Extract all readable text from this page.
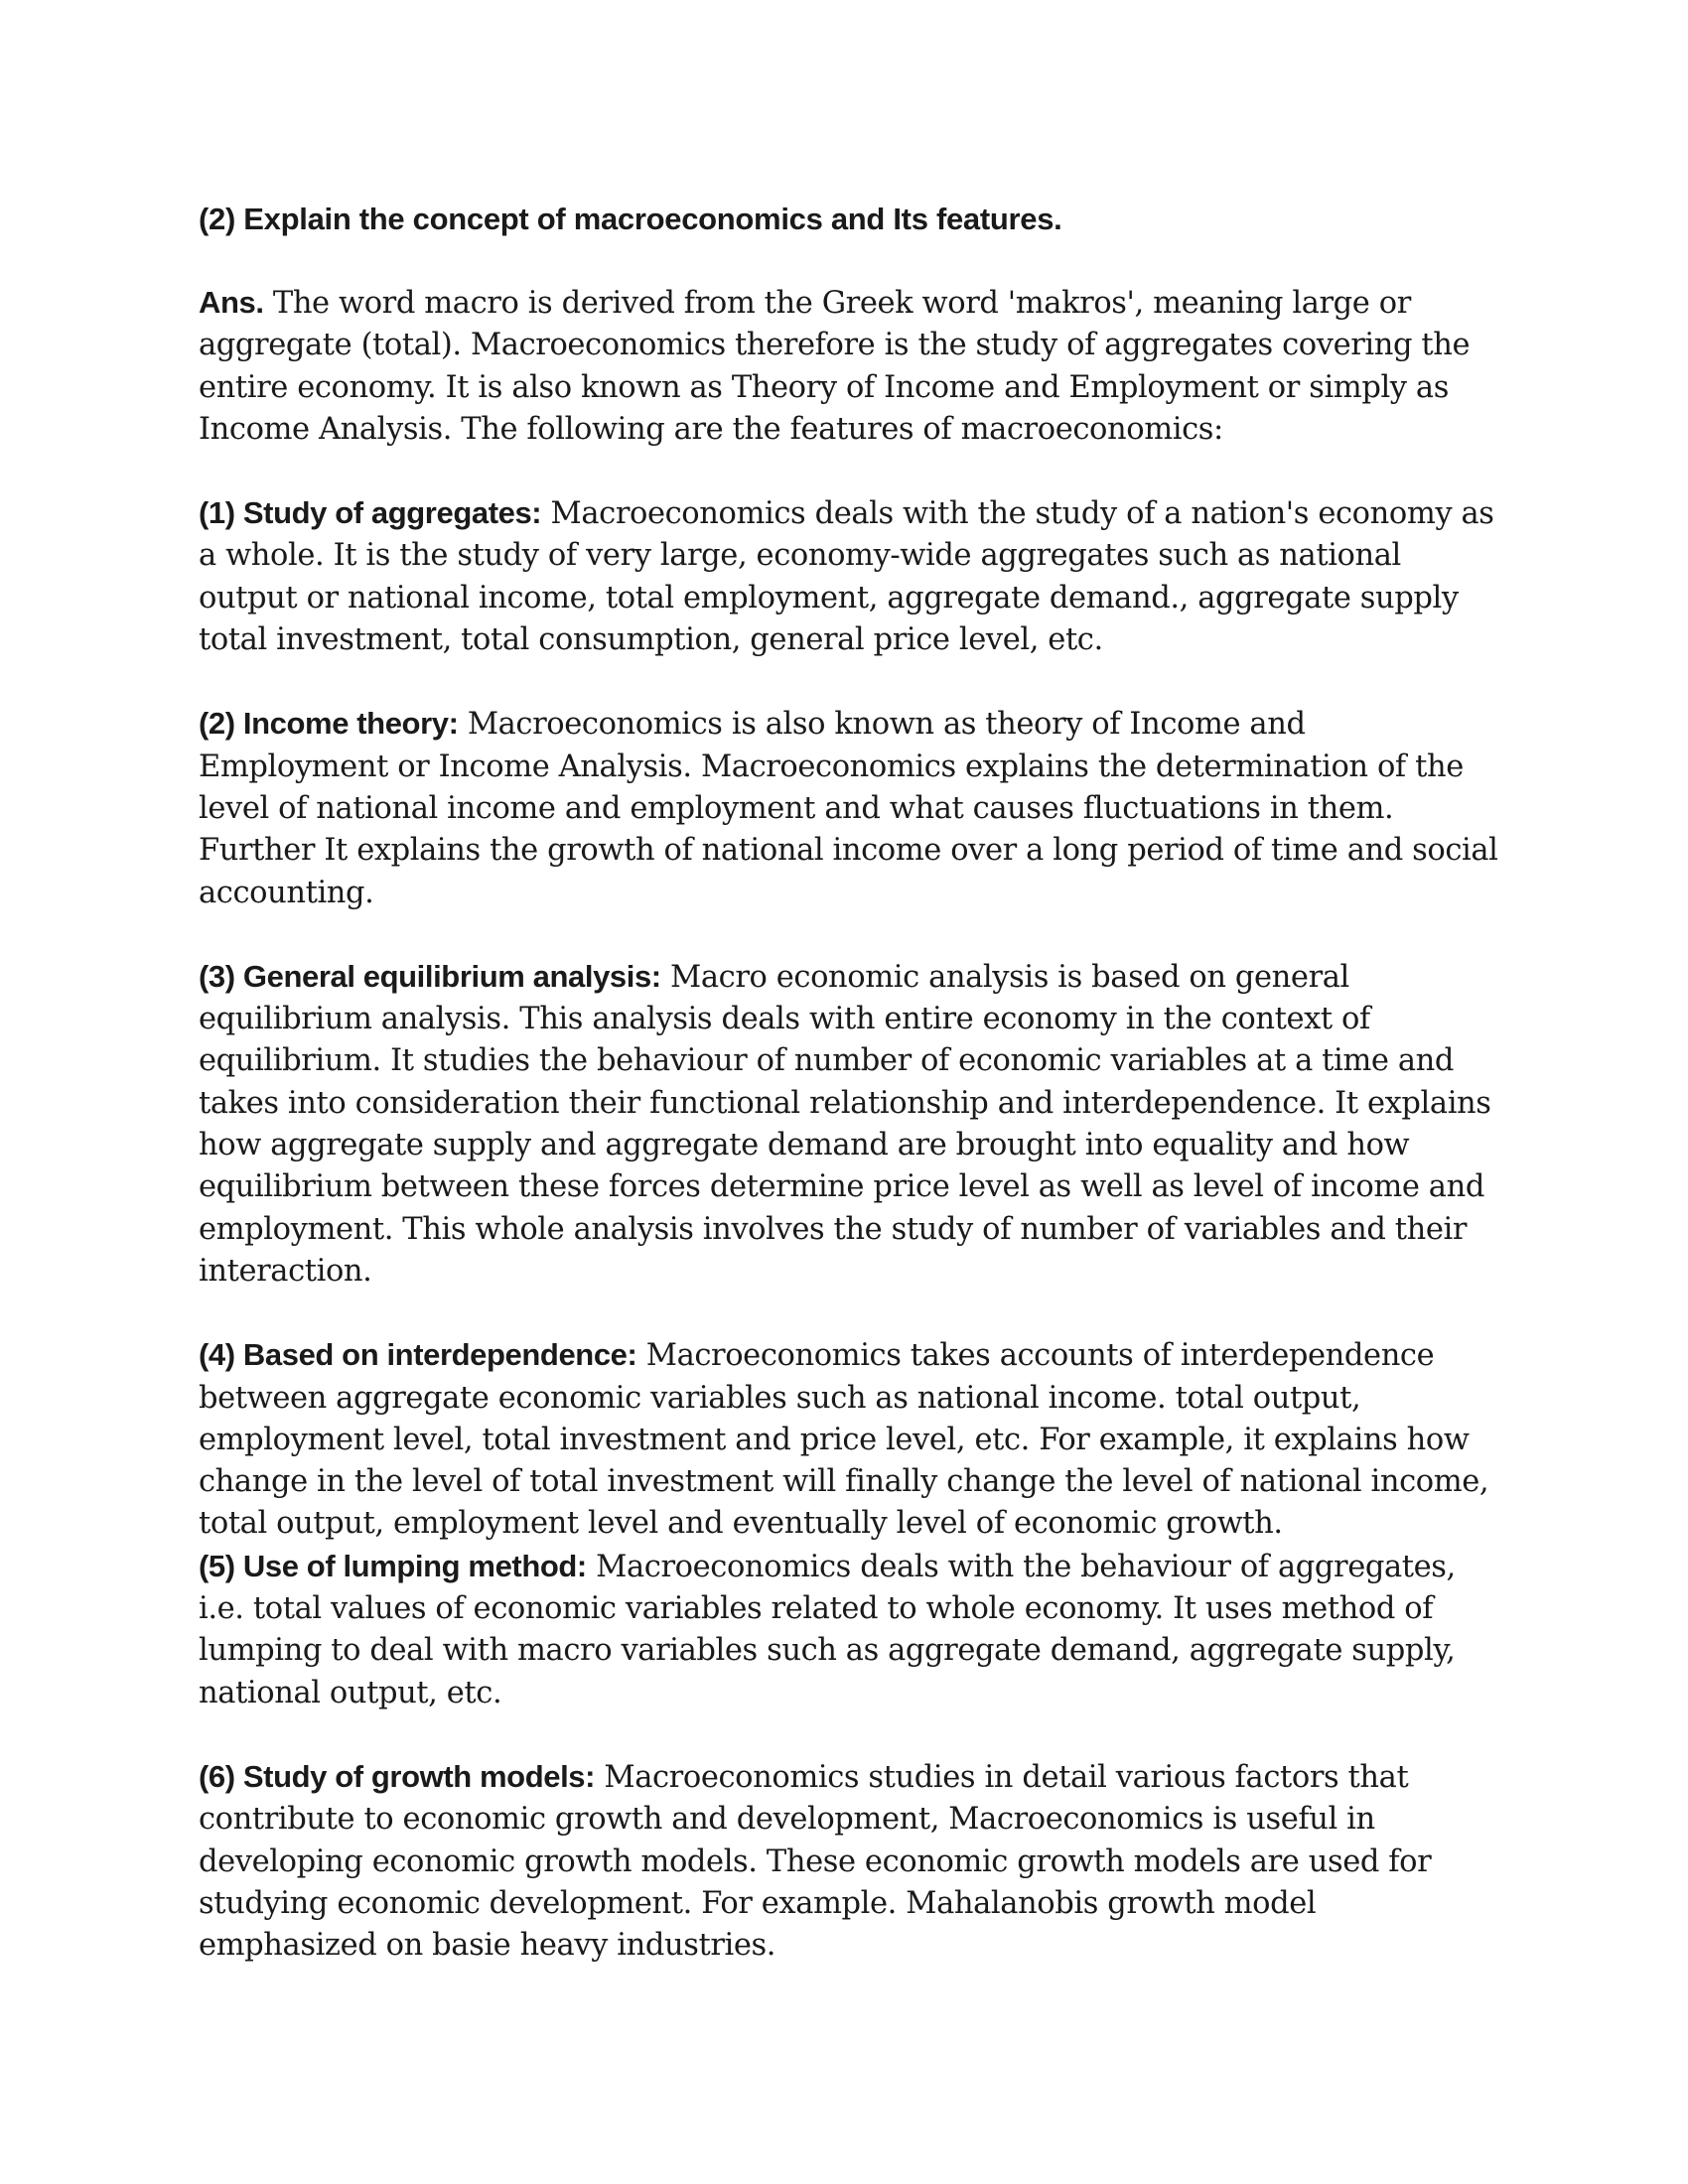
(2) Explain the concept of macroeconomics and Its features.

Ans. The word macro is derived from the Greek word 'makros', meaning large or aggregate (total). Macroeconomics therefore is the study of aggregates covering the entire economy. It is also known as Theory of Income and Employment or simply as Income Analysis. The following are the features of macroeconomics:

(1) Study of aggregates: Macroeconomics deals with the study of a nation's economy as a whole. It is the study of very large, economy-wide aggregates such as national output or national income, total employment, aggregate demand., aggregate supply total investment, total consumption, general price level, etc.

(2) Income theory: Macroeconomics is also known as theory of Income and Employment or Income Analysis. Macroeconomics explains the determination of the level of national income and employment and what causes fluctuations in them. Further It explains the growth of national income over a long period of time and social accounting.

(3) General equilibrium analysis: Macro economic analysis is based on general equilibrium analysis. This analysis deals with entire economy in the context of equilibrium. It studies the behaviour of number of economic variables at a time and takes into consideration their functional relationship and interdependence. It explains how aggregate supply and aggregate demand are brought into equality and how equilibrium between these forces determine price level as well as level of income and employment. This whole analysis involves the study of number of variables and their interaction.

(4) Based on interdependence: Macroeconomics takes accounts of interdependence between aggregate economic variables such as national income. total output, employment level, total investment and price level, etc. For example, it explains how change in the level of total investment will finally change the level of national income, total output, employment level and eventually level of economic growth.

(5) Use of lumping method: Macroeconomics deals with the behaviour of aggregates, i.e. total values of economic variables related to whole economy. It uses method of lumping to deal with macro variables such as aggregate demand, aggregate supply, national output, etc.

(6) Study of growth models: Macroeconomics studies in detail various factors that contribute to economic growth and development, Macroeconomics is useful in developing economic growth models. These economic growth models are used for studying economic development. For example. Mahalanobis growth model emphasized on basie heavy industries.
